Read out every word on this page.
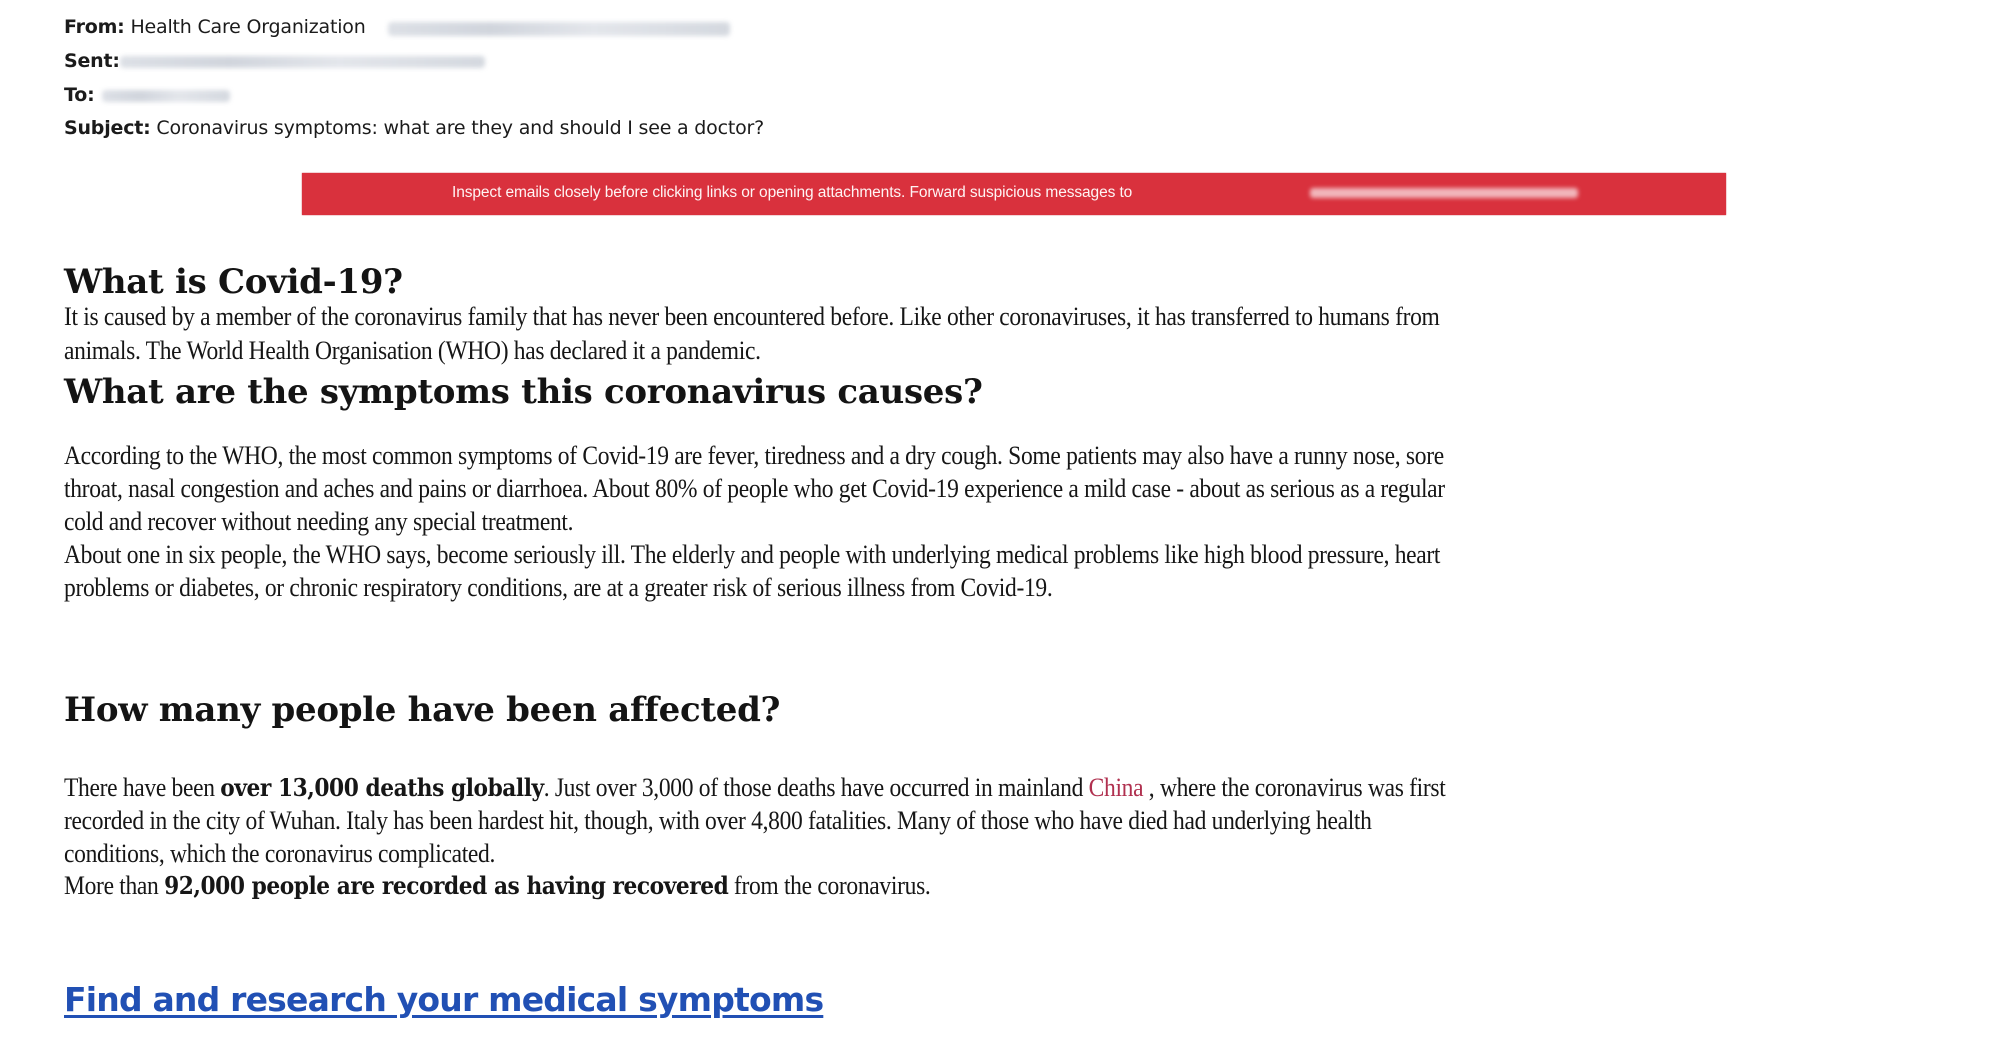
From: Health Care Organization
Sent:
To:
Subject: Coronavirus symptoms: what are they and should I see a doctor?
Inspect emails closely before clicking links or opening attachments. Forward suspicious messages to
What is Covid-19?
It is caused by a member of the coronavirus family that has never been encountered before. Like other coronaviruses, it has transferred to humans from
animals. The World Health Organisation (WHO) has declared it a pandemic.
What are the symptoms this coronavirus causes?
According to the WHO, the most common symptoms of Covid-19 are fever, tiredness and a dry cough. Some patients may also have a runny nose, sore
throat, nasal congestion and aches and pains or diarrhoea. About 80% of people who get Covid-19 experience a mild case - about as serious as a regular
cold and recover without needing any special treatment.
About one in six people, the WHO says, become seriously ill. The elderly and people with underlying medical problems like high blood pressure, heart
problems or diabetes, or chronic respiratory conditions, are at a greater risk of serious illness from Covid-19.
How many people have been affected?
There have been over 13,000 deaths globally. Just over 3,000 of those deaths have occurred in mainland China , where the coronavirus was first
recorded in the city of Wuhan. Italy has been hardest hit, though, with over 4,800 fatalities. Many of those who have died had underlying health
conditions, which the coronavirus complicated.
More than 92,000 people are recorded as having recovered from the coronavirus.
Find and research your medical symptoms
